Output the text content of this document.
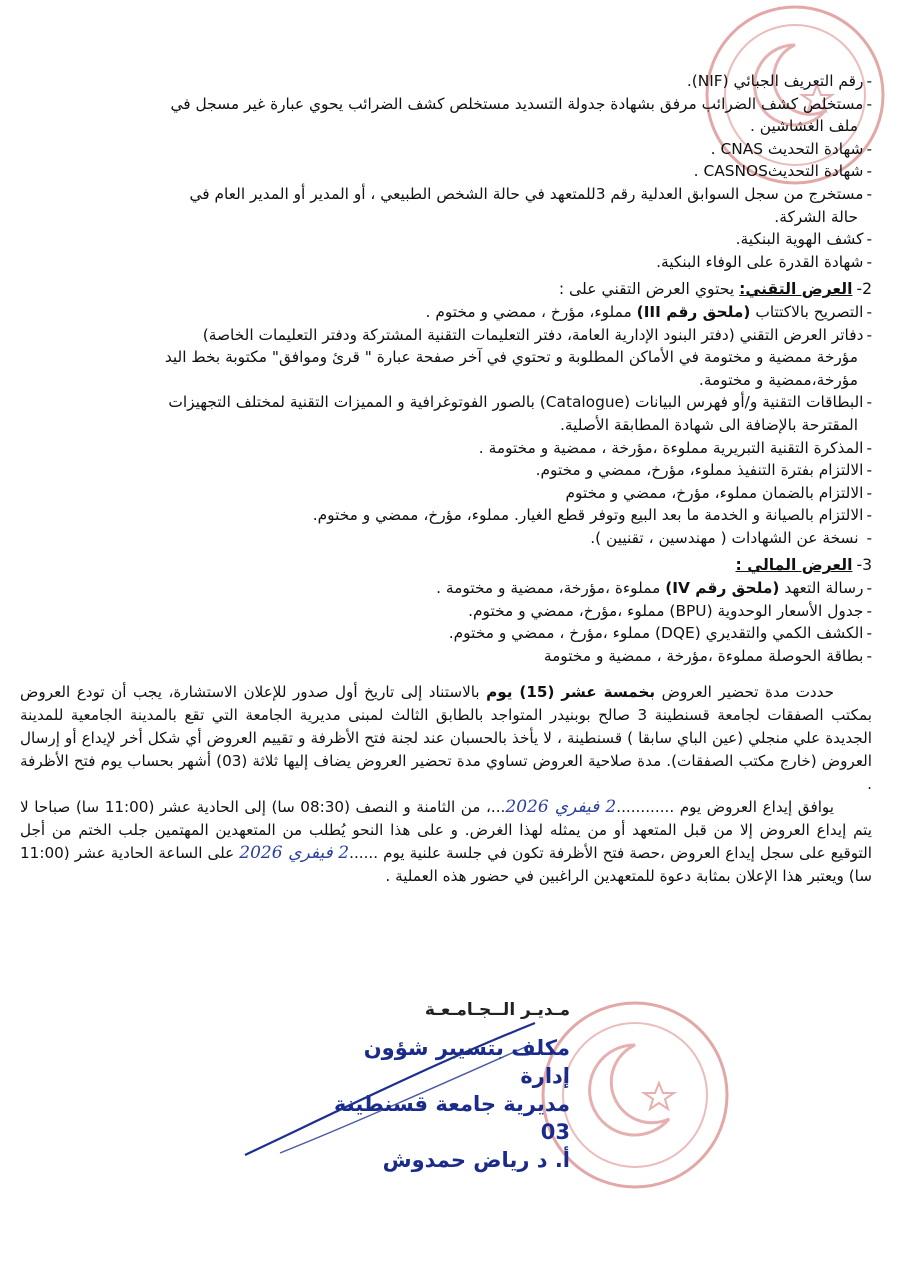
-رقم التعريف الجبائي (NIF).

-مستخلص كشف الضرائب مرفق بشهادة جدولة التسديد مستخلص كشف الضرائب يحوي عبارة غير مسجل في

ملف الغشاشين .

-شهادة التحديث CNAS .

-شهادة التحديثCASNOS .

-مستخرج من سجل السوابق العدلية رقم 3للمتعهد في حالة الشخص الطبيعي ، أو المدير أو المدير العام في

حالة الشركة.

-كشف الهوية البنكية.

-شهادة القدرة على الوفاء البنكية.

2-العرض التقني: يحتوي العرض التقني على :

-التصريح بالاكتتاب (ملحق رقم III) مملوء، مؤرخ ، ممضي و مختوم .

-دفاتر العرض التقني (دفتر البنود الإدارية العامة، دفتر التعليمات التقنية المشتركة ودفتر التعليمات الخاصة)

مؤرخة ممضية و مختومة في الأماكن المطلوبة و تحتوي في آخر صفحة عبارة " قرئ وموافق" مكتوبة بخط اليد

مؤرخة،ممضية و مختومة.

-البطاقات التقنية و/أو فهرس البيانات (Catalogue) بالصور الفوتوغرافية و المميزات التقنية لمختلف التجهيزات

المقترحة بالإضافة الى شهادة المطابقة الأصلية.

-المذكرة التقنية التبريرية مملوءة ،مؤرخة ، ممضية و مختومة .

-الالتزام بفترة التنفيذ مملوء، مؤرخ، ممضي و مختوم.

-الالتزام بالضمان مملوء، مؤرخ، ممضي و مختوم

-الالتزام بالصيانة و الخدمة ما بعد البيع وتوفر قطع الغيار. مملوء، مؤرخ، ممضي و مختوم.

- نسخة عن الشهادات ( مهندسين ، تقنيين ).

3-العرض المالي :

-رسالة التعهد (ملحق رقم IV) مملوءة ،مؤرخة، ممضية و مختومة .

-جدول الأسعار الوحدوية (BPU) مملوء ،مؤرخ، ممضي و مختوم.

-الكشف الكمي والتقديري (DQE) مملوء ،مؤرخ ، ممضي و مختوم.

-بطاقة الحوصلة مملوءة ،مؤرخة ، ممضية و مختومة

حددت مدة تحضير العروض بخمسة عشر (15) يوم بالاستناد إلى تاريخ أول صدور للإعلان الاستشارة، يجب أن تودع العروض بمكتب الصفقات لجامعة قسنطينة 3 صالح بوبنيدر المتواجد بالطابق الثالث لمبنى مديرية الجامعة التي تقع بالمدينة الجامعية للمدينة الجديدة علي منجلي (عين الباي سابقا ) قسنطينة ، لا يأخذ بالحسبان عند لجنة فتح الأظرفة و تقييم العروض أي شكل أخر لإيداع أو إرسال العروض (خارج مكتب الصفقات). مدة صلاحية العروض تساوي مدة تحضير العروض يضاف إليها ثلاثة (03) أشهر بحساب يوم فتح الأظرفة .

يوافق إيداع العروض يوم ............2 فيفري 2026...، من الثامنة و النصف (08:30 سا) إلى الحادية عشر (11:00 سا) صباحا لا يتم إيداع العروض إلا من قبل المتعهد أو من يمثله لهذا الغرض. و على هذا النحو يُطلب من المتعهدين المهتمين جلب الختم من أجل التوقيع على سجل إيداع العروض ،حصة فتح الأظرفة تكون في جلسة علنية يوم ......2 فيفري 2026 على الساعة الحادية عشر (11:00 سا) ويعتبر هذا الإعلان بمثابة دعوة للمتعهدين الراغبين في حضور هذه العملية .

مـديـر الــجـامـعـة
مكلف بتسيير شؤون إدارة
مديرية جامعة قسنطينة 03
أ. د رياض حمدوش
